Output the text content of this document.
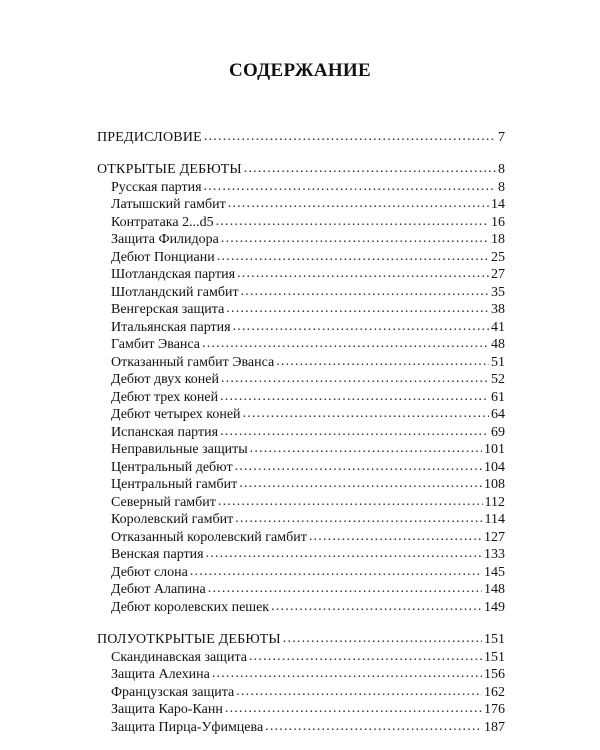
СОДЕРЖАНИЕ
ПРЕДИСЛОВИЕ .....	7
ОТКРЫТЫЕ ДЕБЮТЫ .....	8
Русская партия .....	8
Латышский гамбит .....	14
Контратака 2...d5 .....	16
Защита Филидора .....	18
Дебют Понциани .....	25
Шотландская партия .....	27
Шотландский гамбит .....	35
Венгерская защита .....	38
Итальянская партия .....	41
Гамбит Эванса .....	48
Отказанный гамбит Эванса .....	51
Дебют двух коней .....	52
Дебют трех коней .....	61
Дебют четырех коней .....	64
Испанская партия .....	69
Неправильные защиты .....	101
Центральный дебют .....	104
Центральный гамбит .....	108
Северный гамбит .....	112
Королевский гамбит .....	114
Отказанный королевский гамбит .....	127
Венская партия .....	133
Дебют слона .....	145
Дебют Алапина .....	148
Дебют королевских пешек .....	149
ПОЛУОТКРЫТЫЕ ДЕБЮТЫ .....	151
Скандинавская защита .....	151
Защита Алехина .....	156
Французская защита .....	162
Защита Каро-Канн .....	176
Защита Пирца-Уфимцева .....	187
